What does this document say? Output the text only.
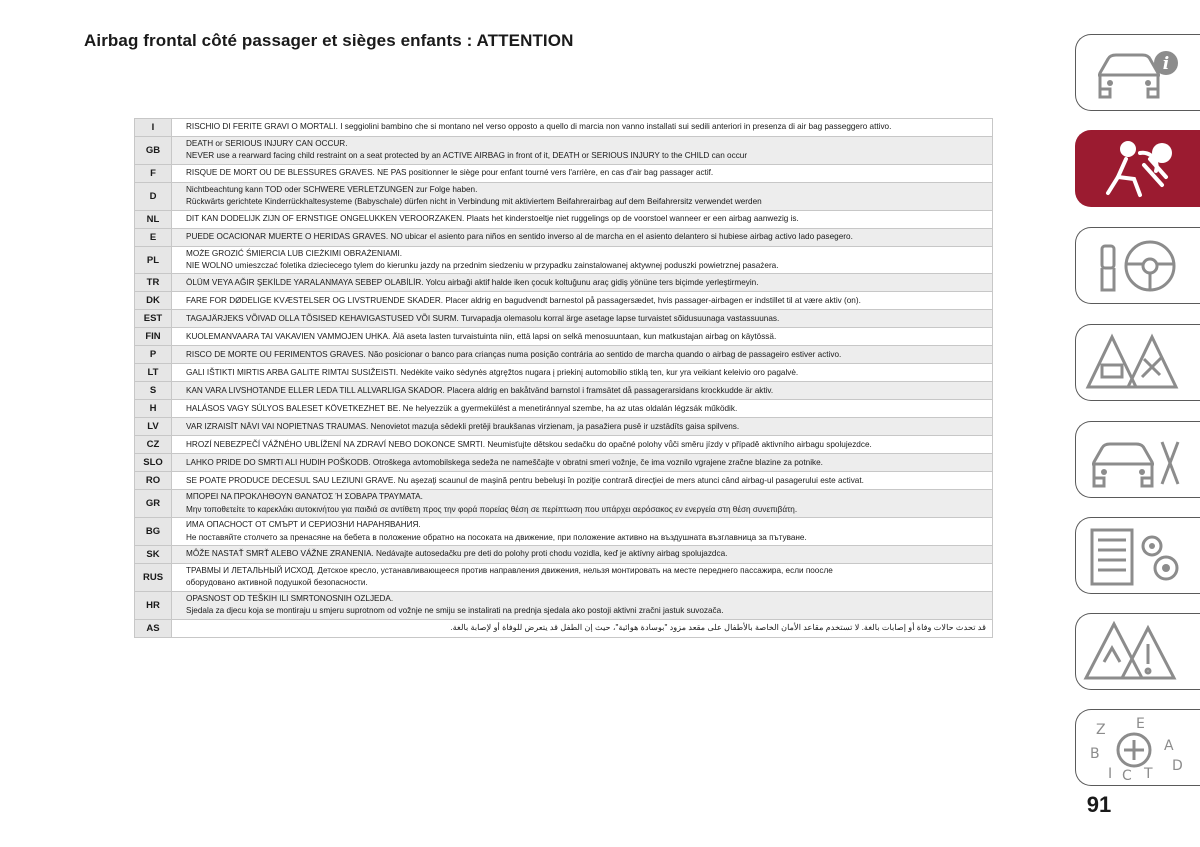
Airbag frontal côté passager et sièges enfants : ATTENTION
I	RISCHIO DI FERITE GRAVI O MORTALI. I seggiolini bambino che si montano nel verso opposto a quello di marcia non vanno installati sui sedili anteriori in presenza di air bag passeggero attivo.

GB	DEATH or SERIOUS INJURY CAN OCCUR.
NEVER use a rearward facing child restraint on a seat protected by an ACTIVE AIRBAG in front of it, DEATH or SERIOUS INJURY to the CHILD can occur

F	RISQUE DE MORT OU DE BLESSURES GRAVES. NE PAS positionner le siège pour enfant tourné vers l'arrière, en cas d'air bag passager actif.

D	Nichtbeachtung kann TOD oder SCHWERE VERLETZUNGEN zur Folge haben.
Rückwärts gerichtete Kinderrückhaltesysteme (Babyschale) dürfen nicht in Verbindung mit aktiviertem Beifahrerairbag auf dem Beifahrersitz verwendet werden

NL	DIT KAN DODELIJK ZIJN OF ERNSTIGE ONGELUKKEN VEROORZAKEN. Plaats het kinderstoeltje niet ruggelings op de voorstoel wanneer er een airbag aanwezig is.

E	PUEDE OCACIONAR MUERTE O HERIDAS GRAVES. NO ubicar el asiento para niños en sentido inverso al de marcha en el asiento delantero si hubiese airbag activo lado pasegero.

PL	MOŻE GROZIĆ ŚMIERCIA LUB CIEŻKIMI OBRAŻENIAMI.
NIE WOLNO umieszczać foletika dzieciecego tylem do kierunku jazdy na przednim siedzeniu w przypadku zainstalowanej aktywnej poduszki powietrznej pasażera.

TR	ÖLÜM VEYA AĞIR ŞEKİLDE YARALANMAYA SEBEP OLABİLİR. Yolcu airbaği aktif halde iken çocuk koltuğunu araç gidiş yönüne ters biçimde yerleştirmeyin.

DK	FARE FOR DØDELIGE KVÆSTELSER OG LIVSTRUENDE SKADER. Placer aldrig en bagudvendt barnestol på passagersædet, hvis passager-airbagen er indstillet til at være aktiv (on).

EST	TAGAJÄRJEKS VÕIVAD OLLA TÕSISED KEHAVIGASTUSED VÕI SURM. Turvapadja olemasolu korral ärge asetage lapse turvaistet sõidusuunaga vastassuunas.

FIN	KUOLEMANVAARA TAI VAKAVIEN VAMMOJEN UHKA. Älä aseta lasten turvaistuinta niin, että lapsi on selkä menosuuntaan, kun matkustajan airbag on käytössä.

P	RISCO DE MORTE OU FERIMENTOS GRAVES. Não posicionar o banco para crianças numa posição contrária ao sentido de marcha quando o airbag de passageiro estiver activo.

LT	GALI IŠTIKTI MIRTIS ARBA GALITE RIMTAI SUSIŽEISTI. Nedėkite vaiko sėdynės atgręžtos nugara į priekinį automobilio stiklą ten, kur yra veikiant keleivio oro pagalvė.

S	KAN VARA LIVSHOTANDE ELLER LEDA TILL ALLVARLIGA SKADOR. Placera aldrig en bakåtvänd barnstol i framsätet då passagerarsidans krockkudde är aktiv.

H	HALÁSOS VAGY SÚLYOS BALESET KÖVETKEZHET BE. Ne helyezzük a gyermekülést a menetiránnyal szembe, ha az utas oldalán légzsák működik.

LV	VAR IZRAISĪT NĀVI VAI NOPIETNAS TRAUMAS. Nenovietot mazuļa sēdekli pretēji braukšanas virzienam, ja pasažiera pusē ir uzstādīts gaisa spilvens.

CZ	HROZÍ NEBEZPEČÍ VÁŽNÉHO UBLÍŽENÍ NA ZDRAVÍ NEBO DOKONCE SMRTI. Neumisťujte dětskou sedačku do opačné polohy vůči směru jízdy v případě aktivního airbagu spolujezdce.

SLO	LAHKO PRIDE DO SMRTI ALI HUDIH POŠKODB. Otroškega avtomobilskega sedeža ne nameščajte v obratni smeri vožnje, če ima voznilo vgrajene zračne blazine za potnike.

RO	SE POATE PRODUCE DECESUL SAU LEZIUNI GRAVE. Nu aşezaţi scaunul de maşină pentru bebeluşi în poziţie contrară direcţiei de mers atunci când airbag-ul pasagerului este activat.

GR	ΜΠΟΡΕΙ ΝΑ ΠΡΟΚΛΗΘΟΥΝ ΘΑΝΑΤΟΣ Ή ΣΟΒΑΡΑ ΤΡΑΥΜΑΤΑ.
Μην τοποθετείτε το καρεκλάκι αυτοκινήτου για παιδιά σε αντίθετη προς την φορά πορείας θέση σε περίπτωση που υπάρχει αερόσακος εν ενεργεία στη θέση συνεπιβάτη.

BG	ИМА ОПАСНОСТ ОТ СМЪРТ И СЕРИОЗНИ НАРАНЯВАНИЯ.
Не поставяйте столчето за пренасяне на бебета в положение обратно на посоката на движение, при положение активно на въздушната възглавница за пътуване.

SK	MÔŽE NASTAŤ SMRŤ ALEBO VÁŽNE ZRANENIA. Nedávajte autosedačku pre deti do polohy proti chodu vozidla, keď je aktívny airbag spolujazdca.

RUS	ТРАВМЫ И ЛЕТАЛЬНЫЙ ИСХОД. Детское кресло, устанавливающееся против направления движения, нельзя монтировать на месте переднего пассажира, если поосле
оборудовано активной подушкой безопасности.

HR	OPASNOST OD TEŠKIH ILI SMRTONOSNIH OZLJEDA.
Sjedala za djecu koja se montiraju u smjeru suprotnom od vožnje ne smiju se instalirati na prednja sjedala ako postoji aktivni zračni jastuk suvozača.

AS	قد تحدث حالات وفاة أو إصابات بالغة. لا تستخدم مقاعد الأمان الخاصة بالأطفال على مقعد مزود "بوسادة هوائية"، حيث إن الطفل قد يتعرض للوفاة أو لإصابة بالغة.
i
Z E
B	A
I C T D
91
